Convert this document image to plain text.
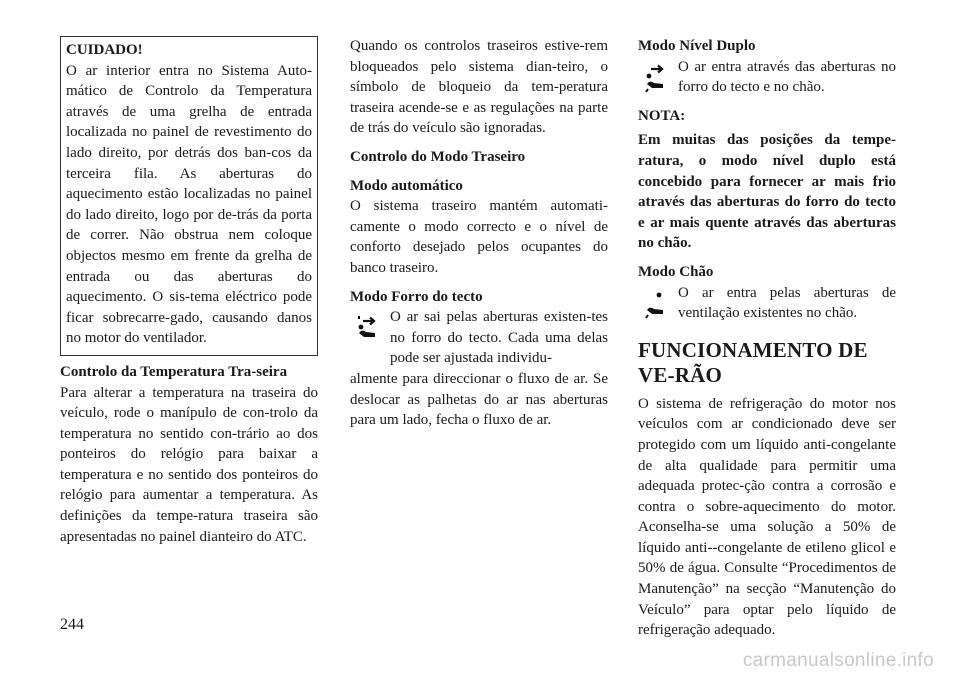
CUIDADO!

O ar interior entra no Sistema Auto-mático de Controlo da Temperatura através de uma grelha de entrada localizada no painel de revestimento do lado direito, por detrás dos ban-cos da terceira fila. As aberturas do aquecimento estão localizadas no painel do lado direito, logo por de-trás da porta de correr. Não obstrua nem coloque objectos mesmo em frente da grelha de entrada ou das aberturas do aquecimento. O sis-tema eléctrico pode ficar sobrecarre-gado, causando danos no motor do ventilador.

Controlo da Temperatura Tra-seira

Para alterar a temperatura na traseira do veículo, rode o manípulo de con-trolo da temperatura no sentido con-trário ao dos ponteiros do relógio para baixar a temperatura e no sentido dos ponteiros do relógio para aumentar a temperatura. As definições da tempe-ratura traseira são apresentadas no painel dianteiro do ATC.

Quando os controlos traseiros estive-rem bloqueados pelo sistema dian-teiro, o símbolo de bloqueio da tem-peratura traseira acende-se e as regulações na parte de trás do veículo são ignoradas.

Controlo do Modo Traseiro

Modo automático

O sistema traseiro mantém automati-camente o modo correcto e o nível de conforto desejado pelos ocupantes do banco traseiro.

Modo Forro do tecto

O ar sai pelas aberturas existen-tes no forro do tecto. Cada uma delas pode ser ajustada individu-

almente para direccionar o fluxo de ar. Se deslocar as palhetas do ar nas aberturas para um lado, fecha o fluxo de ar.

Modo Nível Duplo

O ar entra através das aberturas no forro do tecto e no chão.

NOTA:

Em muitas das posições da tempe-ratura, o modo nível duplo está concebido para fornecer ar mais frio através das aberturas do forro do tecto e ar mais quente através das aberturas no chão.

Modo Chão

O ar entra pelas aberturas de ventilação existentes no chão.

FUNCIONAMENTO DE VE-RÃO

O sistema de refrigeração do motor nos veículos com ar condicionado deve ser protegido com um líquido anti-congelante de alta qualidade para permitir uma adequada protec-ção contra a corrosão e contra o sobre-aquecimento do motor. Aconselha-se uma solução a 50% de líquido anti--congelante de etileno glicol e 50% de água. Consulte “Procedimentos de Manutenção” na secção “Manutenção do Veículo” para optar pelo líquido de refrigeração adequado.

244
carmanualsonline.info
